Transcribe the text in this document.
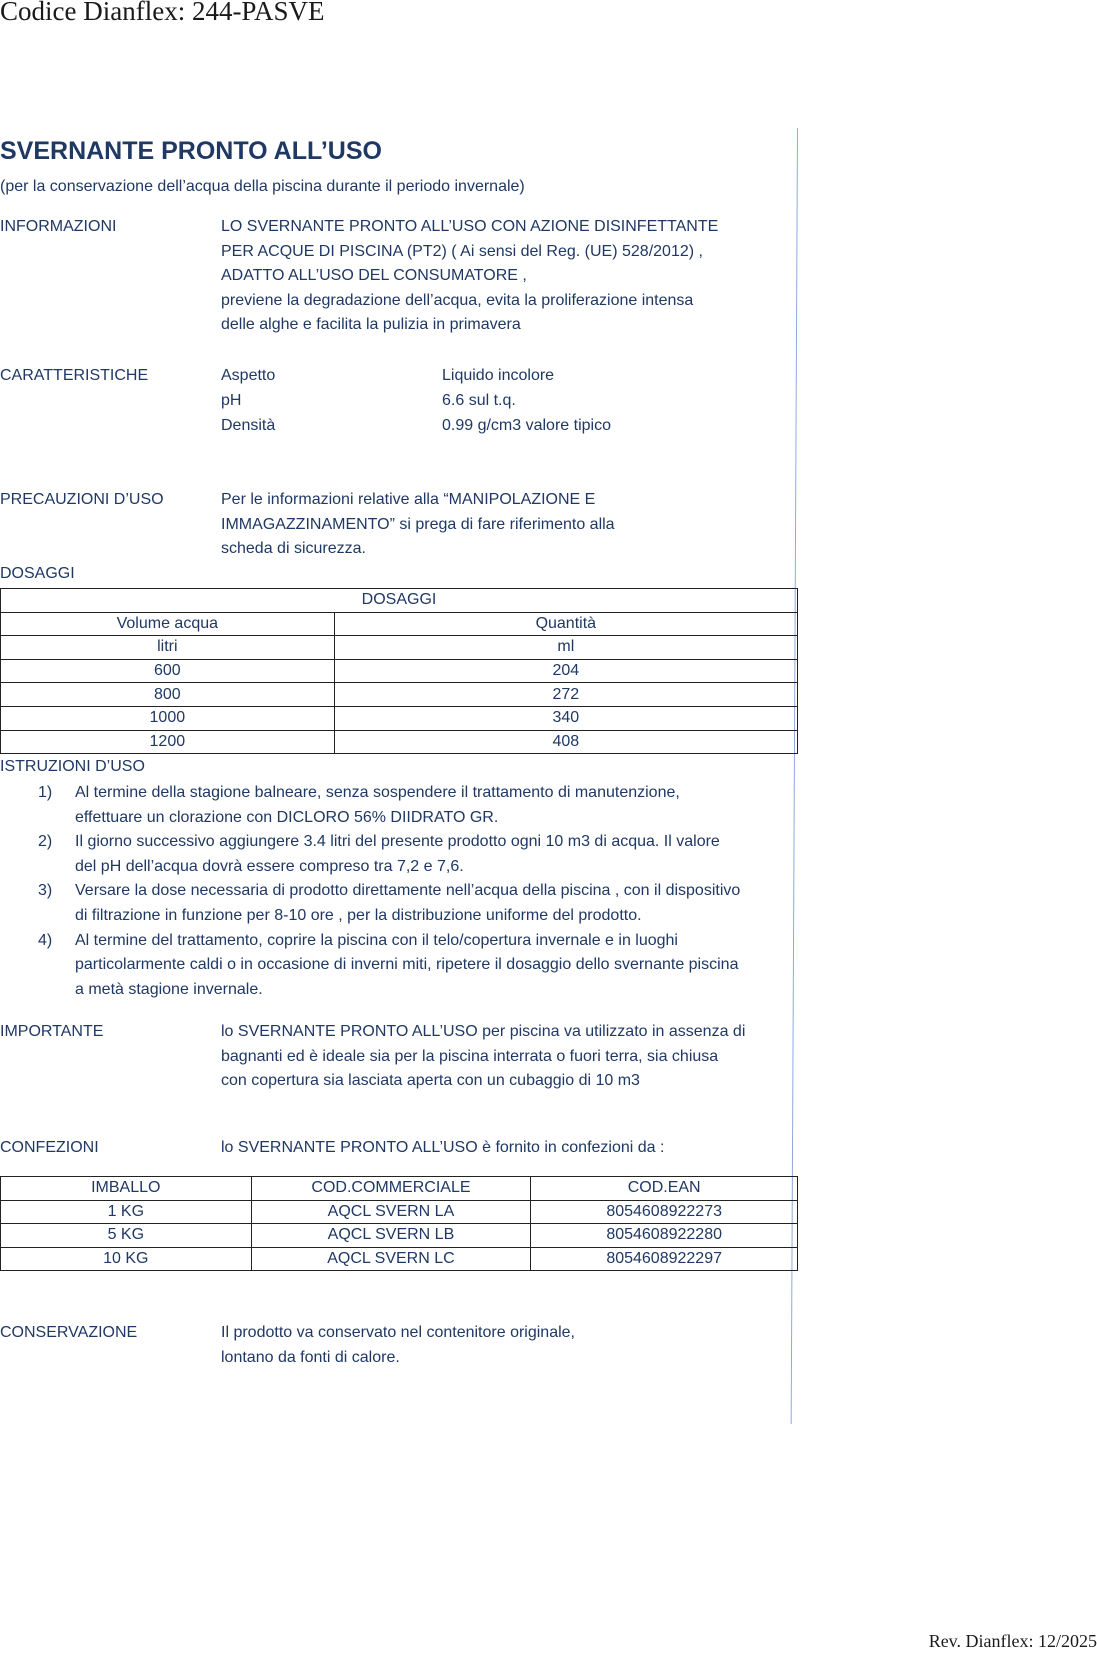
Codice Dianflex: 244-PASVE
SVERNANTE PRONTO ALL’USO
(per la conservazione dell’acqua della piscina durante il periodo invernale)
INFORMAZIONI	LO SVERNANTE PRONTO ALL’USO CON AZIONE DISINFETTANTE
PER ACQUE DI PISCINA (PT2) ( Ai sensi del Reg. (UE) 528/2012) ,
ADATTO ALL’USO DEL CONSUMATORE ,
previene la degradazione dell’acqua, evita la proliferazione intensa
delle alghe e facilita la pulizia in primavera
CARATTERISTICHE	Aspetto	Liquido incolore
pH	6.6 sul t.q.
Densità	0.99 g/cm3 valore tipico
PRECAUZIONI D’USO	Per le informazioni relative alla “MANIPOLAZIONE E
IMMAGAZZINAMENTO” si prega di fare riferimento alla
scheda di sicurezza.
DOSAGGI
DOSAGGI	
Volume acqua	Quantità
litri	ml
600	204
800	272
1000	340
1200	408
ISTRUZIONI D’USO
1) Al termine della stagione balneare, senza sospendere il trattamento di manutenzione,
effettuare un clorazione con DICLORO 56% DIIDRATO GR.
2) Il giorno successivo aggiungere 3.4 litri del presente prodotto ogni 10 m3 di acqua. Il valore
del pH dell’acqua dovrà essere compreso tra 7,2 e 7,6.
3) Versare la dose necessaria di prodotto direttamente nell’acqua della piscina , con il dispositivo
di filtrazione in funzione per 8-10 ore , per la distribuzione uniforme del prodotto.
4) Al termine del trattamento, coprire la piscina con il telo/copertura invernale e in luoghi
particolarmente caldi o in occasione di inverni miti, ripetere il dosaggio dello svernante piscina
a metà stagione invernale.
IMPORTANTE	lo SVERNANTE PRONTO ALL’USO per piscina va utilizzato in assenza di
bagnanti ed è ideale sia per la piscina interrata o fuori terra, sia chiusa
con copertura sia lasciata aperta con un cubaggio di 10 m3
CONFEZIONI	lo SVERNANTE PRONTO ALL’USO è fornito in confezioni da :
IMBALLO	COD.COMMERCIALE	COD.EAN
1 KG	AQCL SVERN LA	8054608922273
5 KG	AQCL SVERN LB	8054608922280
10 KG	AQCL SVERN LC	8054608922297
CONSERVAZIONE	Il prodotto va conservato nel contenitore originale,
lontano da fonti di calore.
Rev. Dianflex: 12/2025
